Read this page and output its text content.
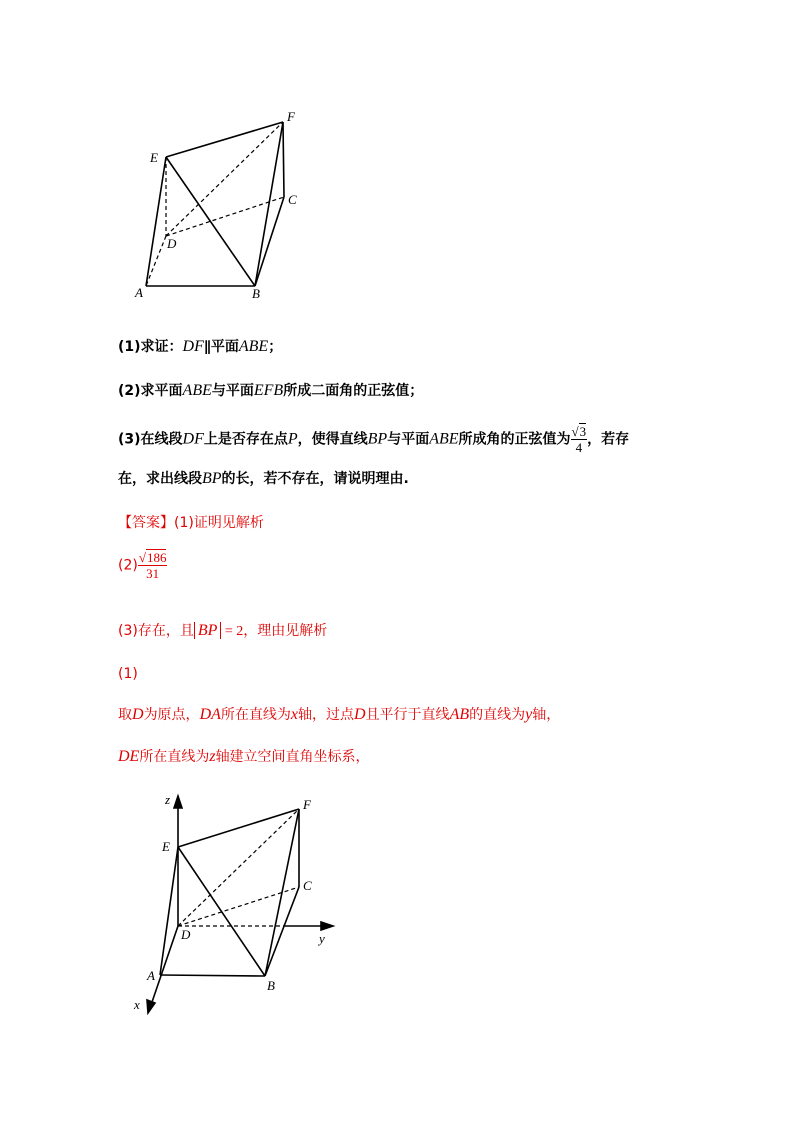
E
F
C
D
A	B
(1)求证：DF∥平面ABE；
(2)求平面ABE与平面EFB所成二面角的正弦值；
(3)在线段DF上是否存在点P，使得直线BP与平面ABE所成角的正弦值为 $\frac{√3}{4}$ ，若存
在，求出线段BP的长，若不存在，请说明理由.
【答案】(1)证明见解析
$(2) \frac{√186}{31}$
(3)存在，且 BP = 2，理由见解析
(1)
取D为原点，DA所在直线为x轴，过点D且平行于直线AB的直线为y轴，
DE所在直线为z轴建立空间直角坐标系，
z
E
F
C
D	y
A
B
x
